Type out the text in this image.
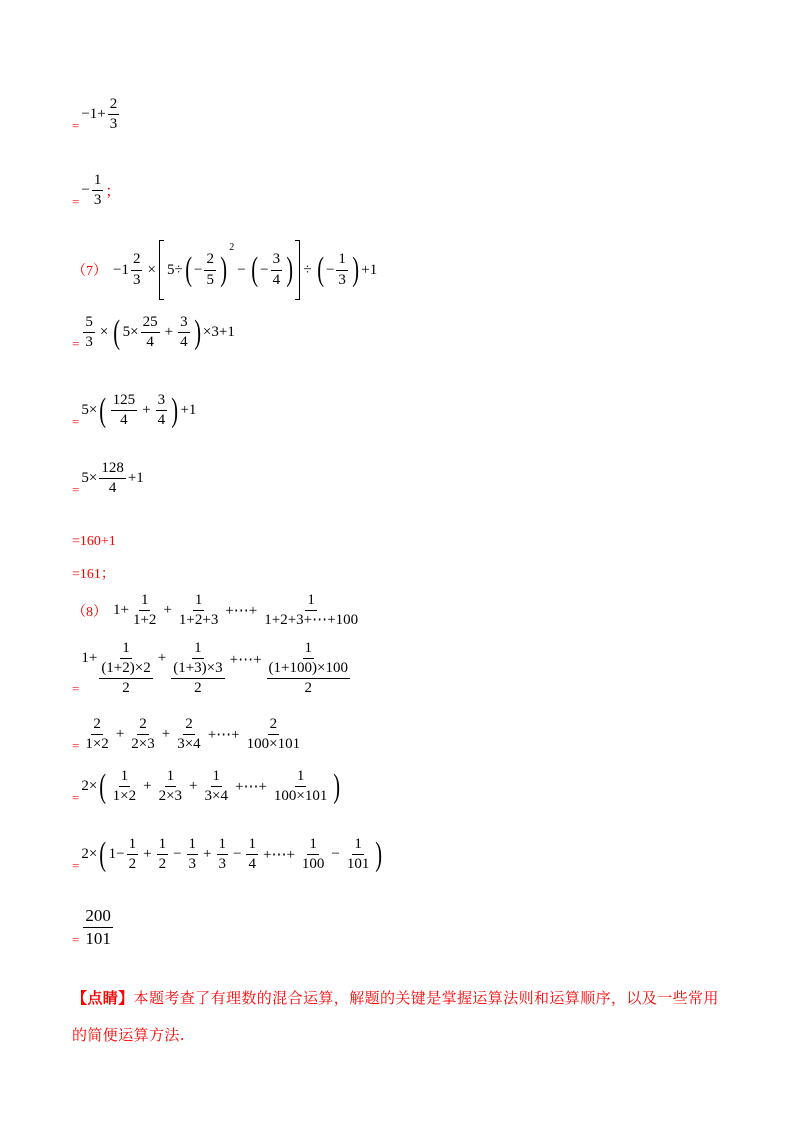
=
$-1+ \frac{2}{3}$
=
− $\frac{1}{3}$ ；
$(7) -1 \frac{2}{3} \times 5\div$ ( − $\frac{2}{5}$ )
2
− ( − $\frac{3}{4}$ ) ÷ ( − $\frac{1}{3}$ ) +1
= $\frac{5}{3}$ × ( $5\times \frac{25}{4} + \frac{3}{4}$ ) ×3+1
=
5× ( $\frac{125}{4} + \frac{3}{4}$ ) +1
=
$5\times \frac{128}{4} +1$
=160+1
=161；
（8） $1+ \frac{1}{1+2} + \frac{1}{1+2+3}$ +⋯+ $\frac{1}{1+2+3+\cdots+100}$
=
1+
1
(1+2)×2
2
+
1
(1+3)×3
2
+⋯+
1
(1+100)×100
2
= $\frac{2}{1\times 2} + \frac{2}{2\times 3} + \frac{2}{3\times 4}$ +⋯+ $\frac{2}{100\times 101}$
=
2× ( $\frac{1}{1\times 2} + \frac{1}{2\times 3} + \frac{1}{3\times 4}$ +⋯+ $\frac{1}{100\times 101}$ )
=
2× ( $1- \frac{1}{2} + \frac{1}{2} - \frac{1}{3} + \frac{1}{3} - \frac{1}{4}$ +⋯+ $\frac{1}{100} - \frac{1}{101}$ )
= $\frac{200}{101}$
【点睛】本题考查了有理数的混合运算，解题的关键是掌握运算法则和运算顺序，以及一些常用的简便运算方法.
